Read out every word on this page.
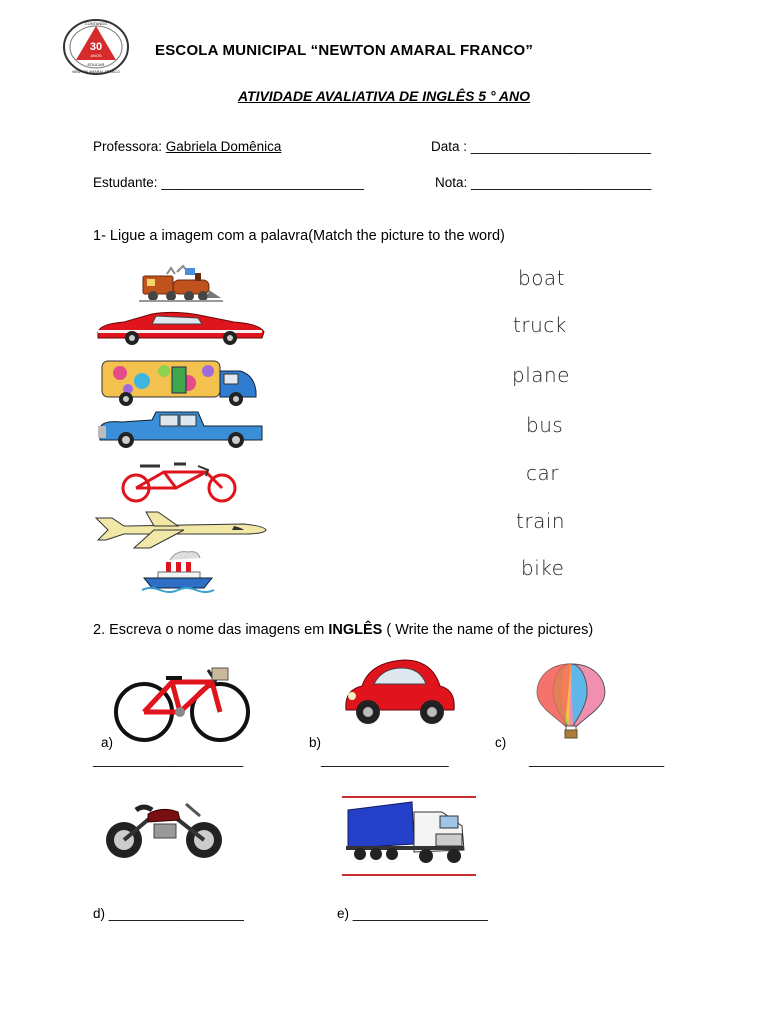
30
ANOS
EDUCAR
CONTANDO
NEWTON AMARAL FRANCO
ESCOLA MUNICIPAL “NEWTON AMARAL FRANCO”
ATIVIDADE AVALIATIVA DE INGLÊS 5 ° ANO
Professora: Gabriela Domênica	Data : ________________________
Estudante: ___________________________	Nota: ________________________
1- Ligue a imagem com a palavra(Match the picture to the word)
boat
truck
plane
bus
car
train
bike
2. Escreva o nome das imagens em INGLÊS ( Write the name of the pictures)
a)
____________________
b)
_________________
c)
__________________
d) __________________	e) __________________
